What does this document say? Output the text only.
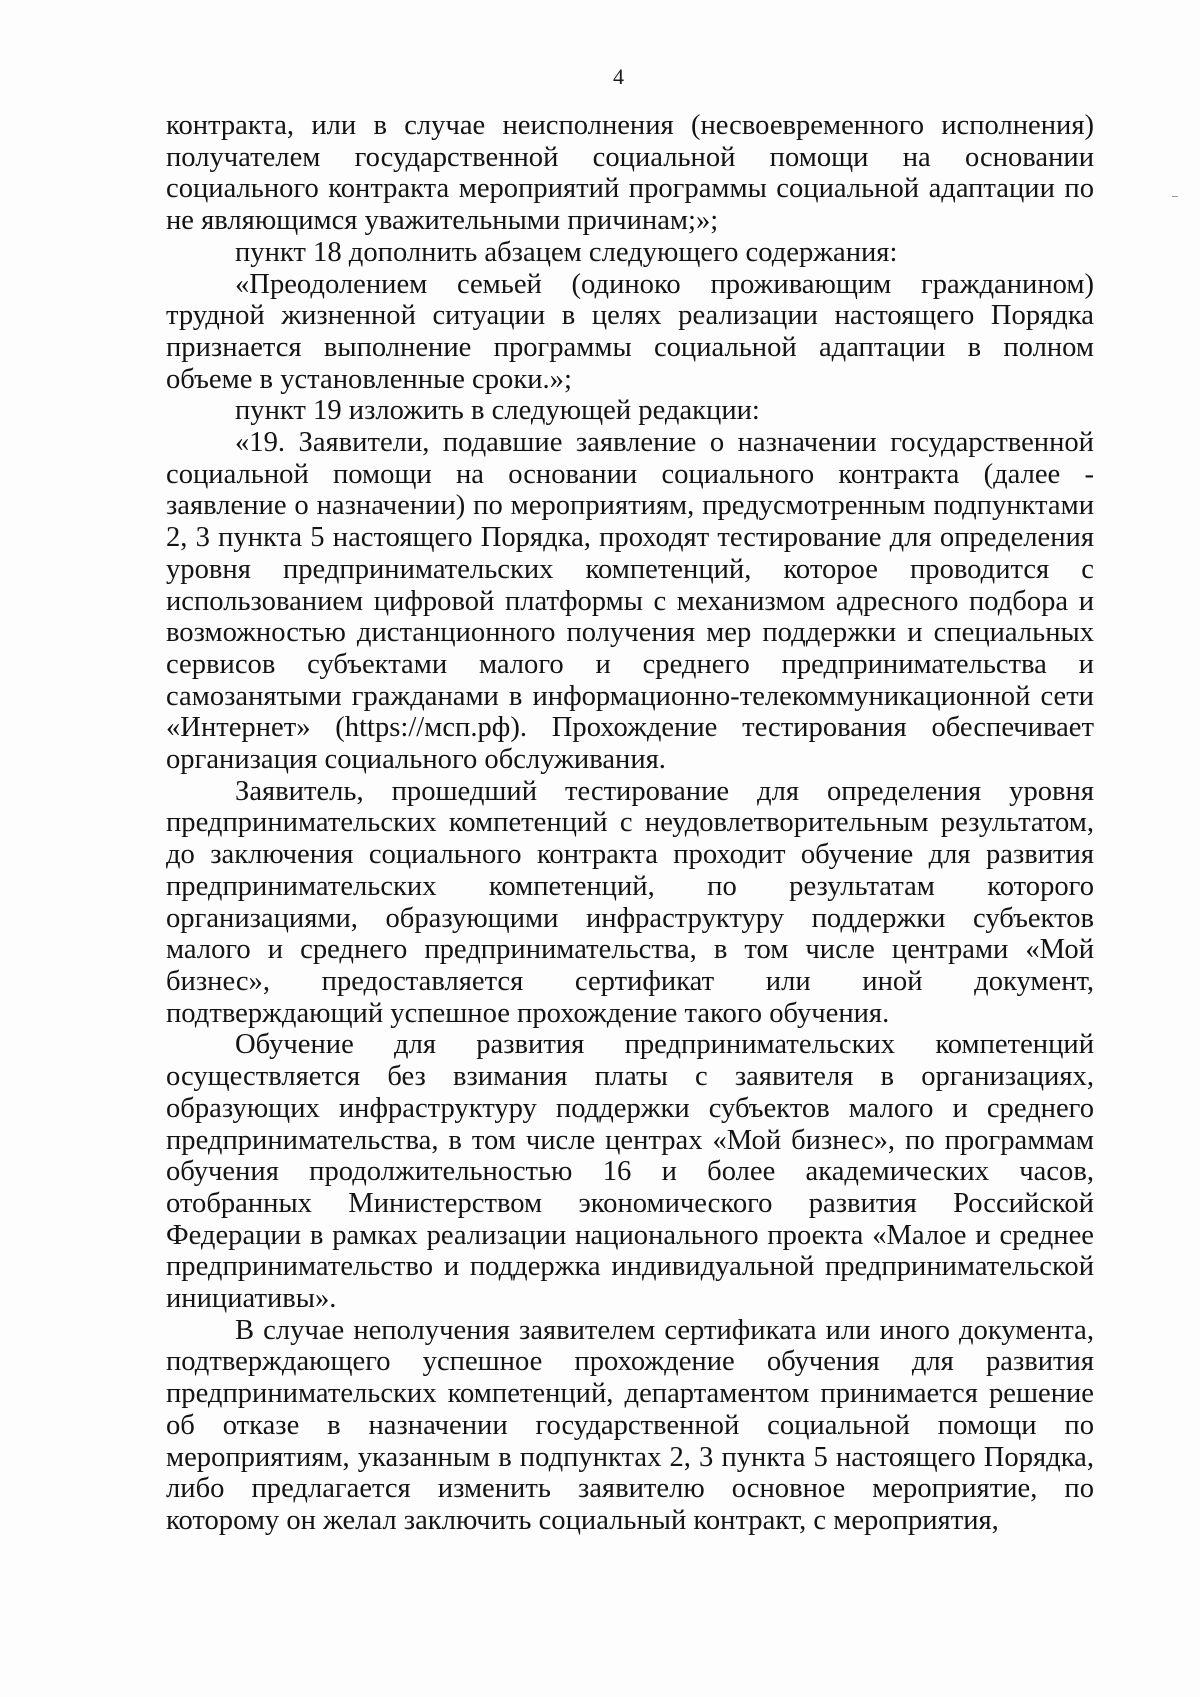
4

контракта, или в случае неисполнения (несвоевременного исполнения) получателем государственной социальной помощи на основании социального контракта мероприятий программы социальной адаптации по не являющимся уважительными причинам;»;

пункт 18 дополнить абзацем следующего содержания:

«Преодолением семьей (одиноко проживающим гражданином) трудной жизненной ситуации в целях реализации настоящего Порядка признается выполнение программы социальной адаптации в полном объеме в установленные сроки.»;

пункт 19 изложить в следующей редакции:

«19. Заявители, подавшие заявление о назначении государственной социальной помощи на основании социального контракта (далее - заявление о назначении) по мероприятиям, предусмотренным подпунктами 2, 3 пункта 5 настоящего Порядка, проходят тестирование для определения уровня предпринимательских компетенций, которое проводится с использованием цифровой платформы с механизмом адресного подбора и возможностью дистанционного получения мер поддержки и специальных сервисов субъектами малого и среднего предпринимательства и самозанятыми гражданами в информационно-телекоммуникационной сети «Интернет» (https://мсп.рф). Прохождение тестирования обеспечивает организация социального обслуживания.

Заявитель, прошедший тестирование для определения уровня предпринимательских компетенций с неудовлетворительным результатом, до заключения социального контракта проходит обучение для развития предпринимательских компетенций, по результатам которого организациями, образующими инфраструктуру поддержки субъектов малого и среднего предпринимательства, в том числе центрами «Мой бизнес», предоставляется сертификат или иной документ, подтверждающий успешное прохождение такого обучения.

Обучение для развития предпринимательских компетенций осуществляется без взимания платы с заявителя в организациях, образующих инфраструктуру поддержки субъектов малого и среднего предпринимательства, в том числе центрах «Мой бизнес», по программам обучения продолжительностью 16 и более академических часов, отобранных Министерством экономического развития Российской Федерации в рамках реализации национального проекта «Малое и среднее предпринимательство и поддержка индивидуальной предпринимательской инициативы».

В случае неполучения заявителем сертификата или иного документа, подтверждающего успешное прохождение обучения для развития предпринимательских компетенций, департаментом принимается решение об отказе в назначении государственной социальной помощи по мероприятиям, указанным в подпунктах 2, 3 пункта 5 настоящего Порядка, либо предлагается изменить заявителю основное мероприятие, по которому он желал заключить социальный контракт, с мероприятия,
